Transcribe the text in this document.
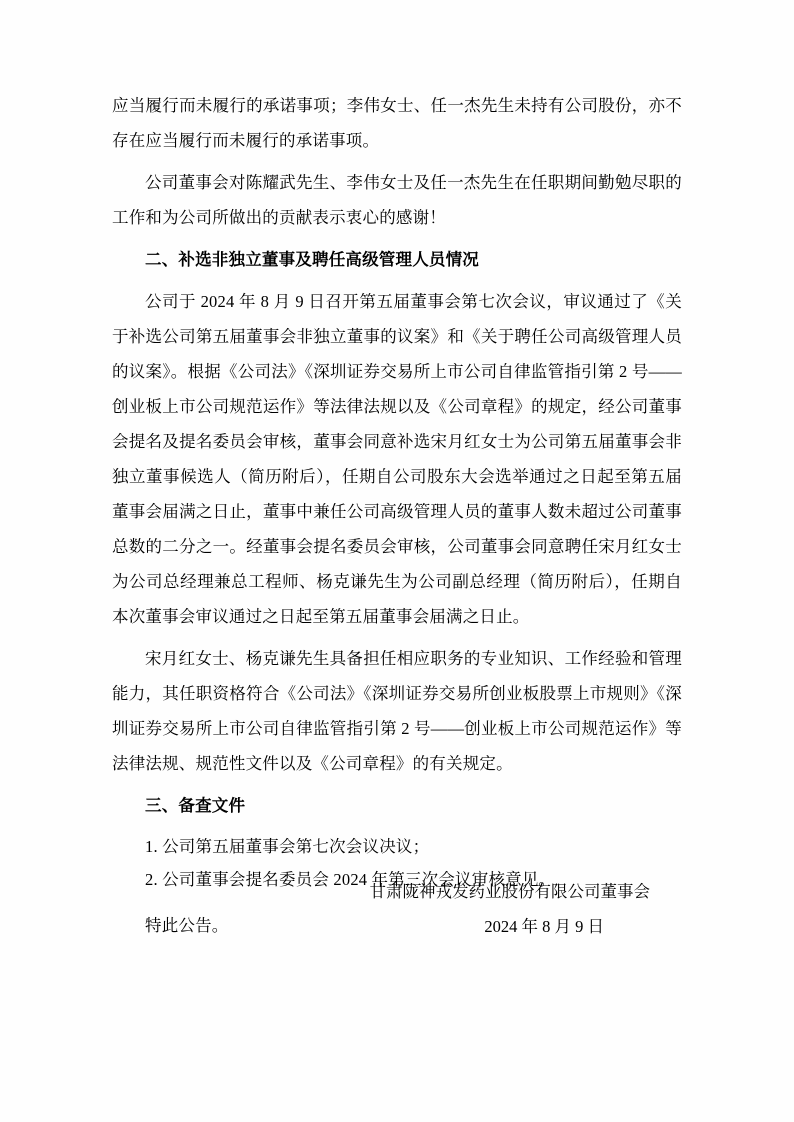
应当履行而未履行的承诺事项；李伟女士、任一杰先生未持有公司股份，亦不存在应当履行而未履行的承诺事项。

公司董事会对陈耀武先生、李伟女士及任一杰先生在任职期间勤勉尽职的工作和为公司所做出的贡献表示衷心的感谢！

二、补选非独立董事及聘任高级管理人员情况

公司于 2024 年 8 月 9 日召开第五届董事会第七次会议，审议通过了《关于补选公司第五届董事会非独立董事的议案》和《关于聘任公司高级管理人员的议案》。根据《公司法》《深圳证券交易所上市公司自律监管指引第 2 号——创业板上市公司规范运作》等法律法规以及《公司章程》的规定，经公司董事会提名及提名委员会审核，董事会同意补选宋月红女士为公司第五届董事会非独立董事候选人（简历附后），任期自公司股东大会选举通过之日起至第五届董事会届满之日止，董事中兼任公司高级管理人员的董事人数未超过公司董事总数的二分之一。经董事会提名委员会审核，公司董事会同意聘任宋月红女士为公司总经理兼总工程师、杨克谦先生为公司副总经理（简历附后），任期自本次董事会审议通过之日起至第五届董事会届满之日止。

宋月红女士、杨克谦先生具备担任相应职务的专业知识、工作经验和管理能力，其任职资格符合《公司法》《深圳证券交易所创业板股票上市规则》《深圳证券交易所上市公司自律监管指引第 2 号——创业板上市公司规范运作》等法律法规、规范性文件以及《公司章程》的有关规定。

三、备查文件

1. 公司第五届董事会第七次会议决议；

2. 公司董事会提名委员会 2024 年第三次会议审核意见。

特此公告。

甘肃陇神戎发药业股份有限公司董事会
2024 年 8 月 9 日
